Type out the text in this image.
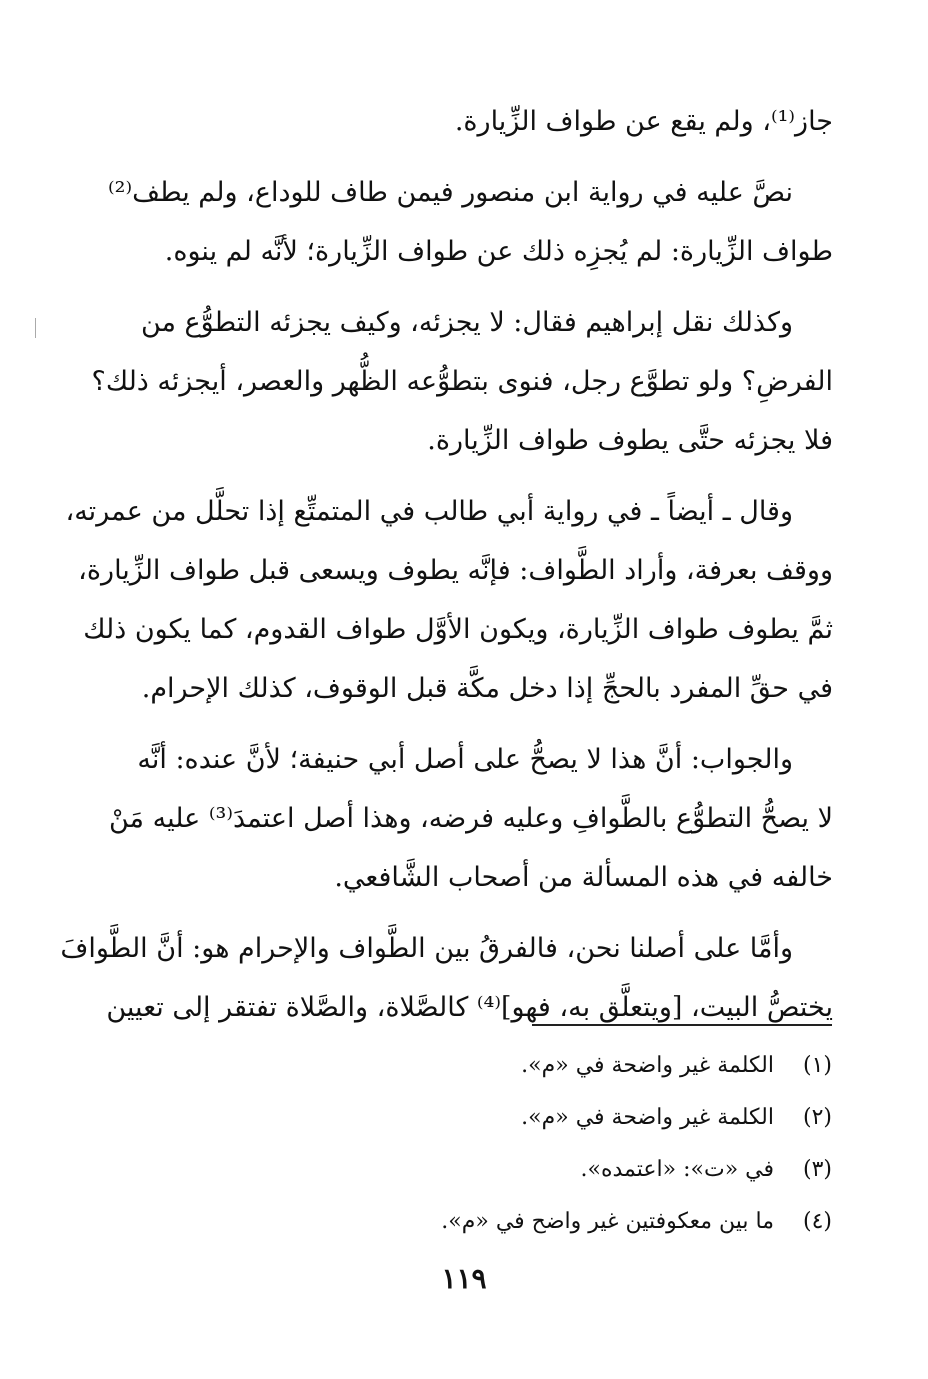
جاز⁽¹⁾، ولم يقع عن طواف الزِّيارة.
نصَّ عليه في رواية ابن منصور فيمن طاف للوداع، ولم يطف⁽²⁾
طواف الزِّيارة: لم يُجزِه ذلك عن طواف الزِّيارة؛ لأنَّه لم ينوه.
وكذلك نقل إبراهيم فقال: لا يجزئه، وكيف يجزئه التطوُّع من
الفرضِ؟ ولو تطوَّع رجل، فنوى بتطوُّعه الظُّهر والعصر، أيجزئه ذلك؟
فلا يجزئه حتَّى يطوف طواف الزِّيارة.
وقال ـ أيضاً ـ في رواية أبي طالب في المتمتِّع إذا تحلَّل من عمرته،
ووقف بعرفة، وأراد الطَّواف: فإنَّه يطوف ويسعى قبل طواف الزِّيارة،
ثمَّ يطوف طواف الزِّيارة، ويكون الأوَّل طواف القدوم، كما يكون ذلك
في حقِّ المفرد بالحجِّ إذا دخل مكَّة قبل الوقوف، كذلك الإحرام.
والجواب: أنَّ هذا لا يصحُّ على أصل أبي حنيفة؛ لأنَّ عنده: أنَّه
لا يصحُّ التطوُّع بالطَّوافِ وعليه فرضه، وهذا أصل اعتمدَ⁽³⁾ عليه مَنْ
خالفه في هذه المسألة من أصحاب الشَّافعي.
وأمَّا على أصلنا نحن، فالفرقُ بين الطَّواف والإحرام هو: أنَّ الطَّوافَ
يختصُّ البيت، [ويتعلَّق به، فهو]⁽⁴⁾ كالصَّلاة، والصَّلاة تفتقر إلى تعيين
(١)الكلمة غير واضحة في «م».
(٢)الكلمة غير واضحة في «م».
(٣)في «ت»: «اعتمده».
(٤)ما بين معكوفتين غير واضح في «م».
١١٩
